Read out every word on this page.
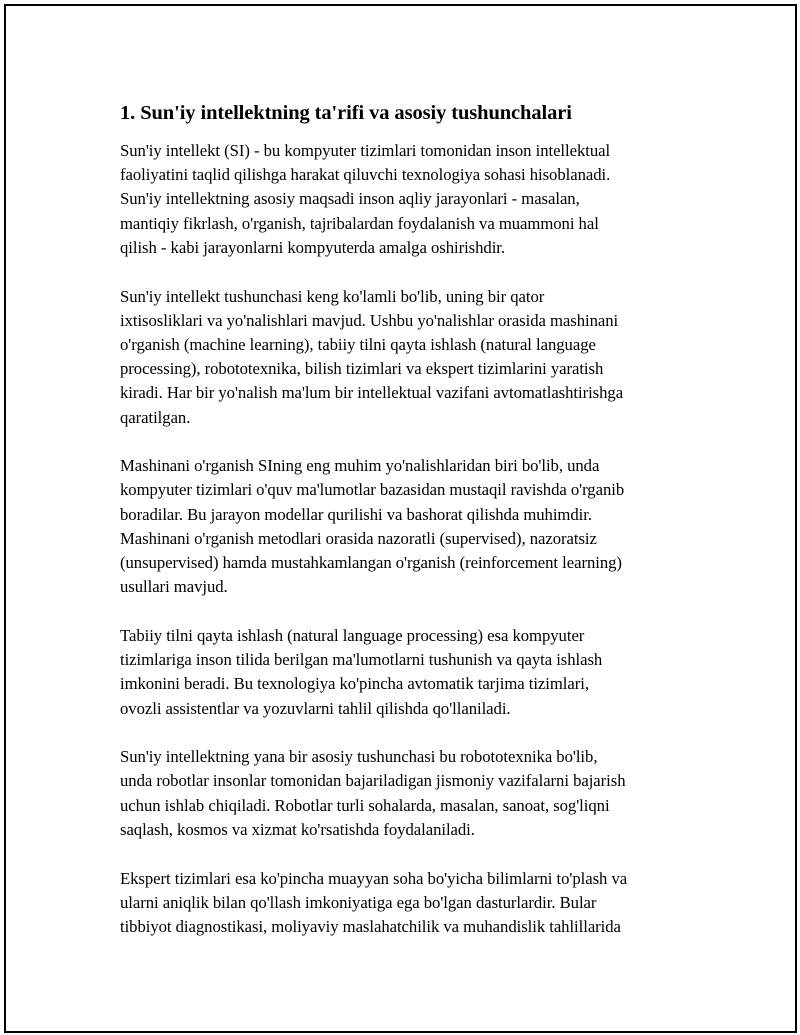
1. Sun'iy intellektning ta'rifi va asosiy tushunchalari

Sun'iy intellekt (SI) - bu kompyuter tizimlari tomonidan inson intellektual
faoliyatini taqlid qilishga harakat qiluvchi texnologiya sohasi hisoblanadi.
Sun'iy intellektning asosiy maqsadi inson aqliy jarayonlari - masalan,
mantiqiy fikrlash, o'rganish, tajribalardan foydalanish va muammoni hal
qilish - kabi jarayonlarni kompyuterda amalga oshirishdir.

Sun'iy intellekt tushunchasi keng ko'lamli bo'lib, uning bir qator
ixtisosliklari va yo'nalishlari mavjud. Ushbu yo'nalishlar orasida mashinani
o'rganish (machine learning), tabiiy tilni qayta ishlash (natural language
processing), robototexnika, bilish tizimlari va ekspert tizimlarini yaratish
kiradi. Har bir yo'nalish ma'lum bir intellektual vazifani avtomatlashtirishga
qaratilgan.

Mashinani o'rganish SIning eng muhim yo'nalishlaridan biri bo'lib, unda
kompyuter tizimlari o'quv ma'lumotlar bazasidan mustaqil ravishda o'rganib
boradilar. Bu jarayon modellar qurilishi va bashorat qilishda muhimdir.
Mashinani o'rganish metodlari orasida nazoratli (supervised), nazoratsiz
(unsupervised) hamda mustahkamlangan o'rganish (reinforcement learning)
usullari mavjud.

Tabiiy tilni qayta ishlash (natural language processing) esa kompyuter
tizimlariga inson tilida berilgan ma'lumotlarni tushunish va qayta ishlash
imkonini beradi. Bu texnologiya ko'pincha avtomatik tarjima tizimlari,
ovozli assistentlar va yozuvlarni tahlil qilishda qo'llaniladi.

Sun'iy intellektning yana bir asosiy tushunchasi bu robototexnika bo'lib,
unda robotlar insonlar tomonidan bajariladigan jismoniy vazifalarni bajarish
uchun ishlab chiqiladi. Robotlar turli sohalarda, masalan, sanoat, sog'liqni
saqlash, kosmos va xizmat ko'rsatishda foydalaniladi.

Ekspert tizimlari esa ko'pincha muayyan soha bo'yicha bilimlarni to'plash va
ularni aniqlik bilan qo'llash imkoniyatiga ega bo'lgan dasturlardir. Bular
tibbiyot diagnostikasi, moliyaviy maslahatchilik va muhandislik tahlillarida
